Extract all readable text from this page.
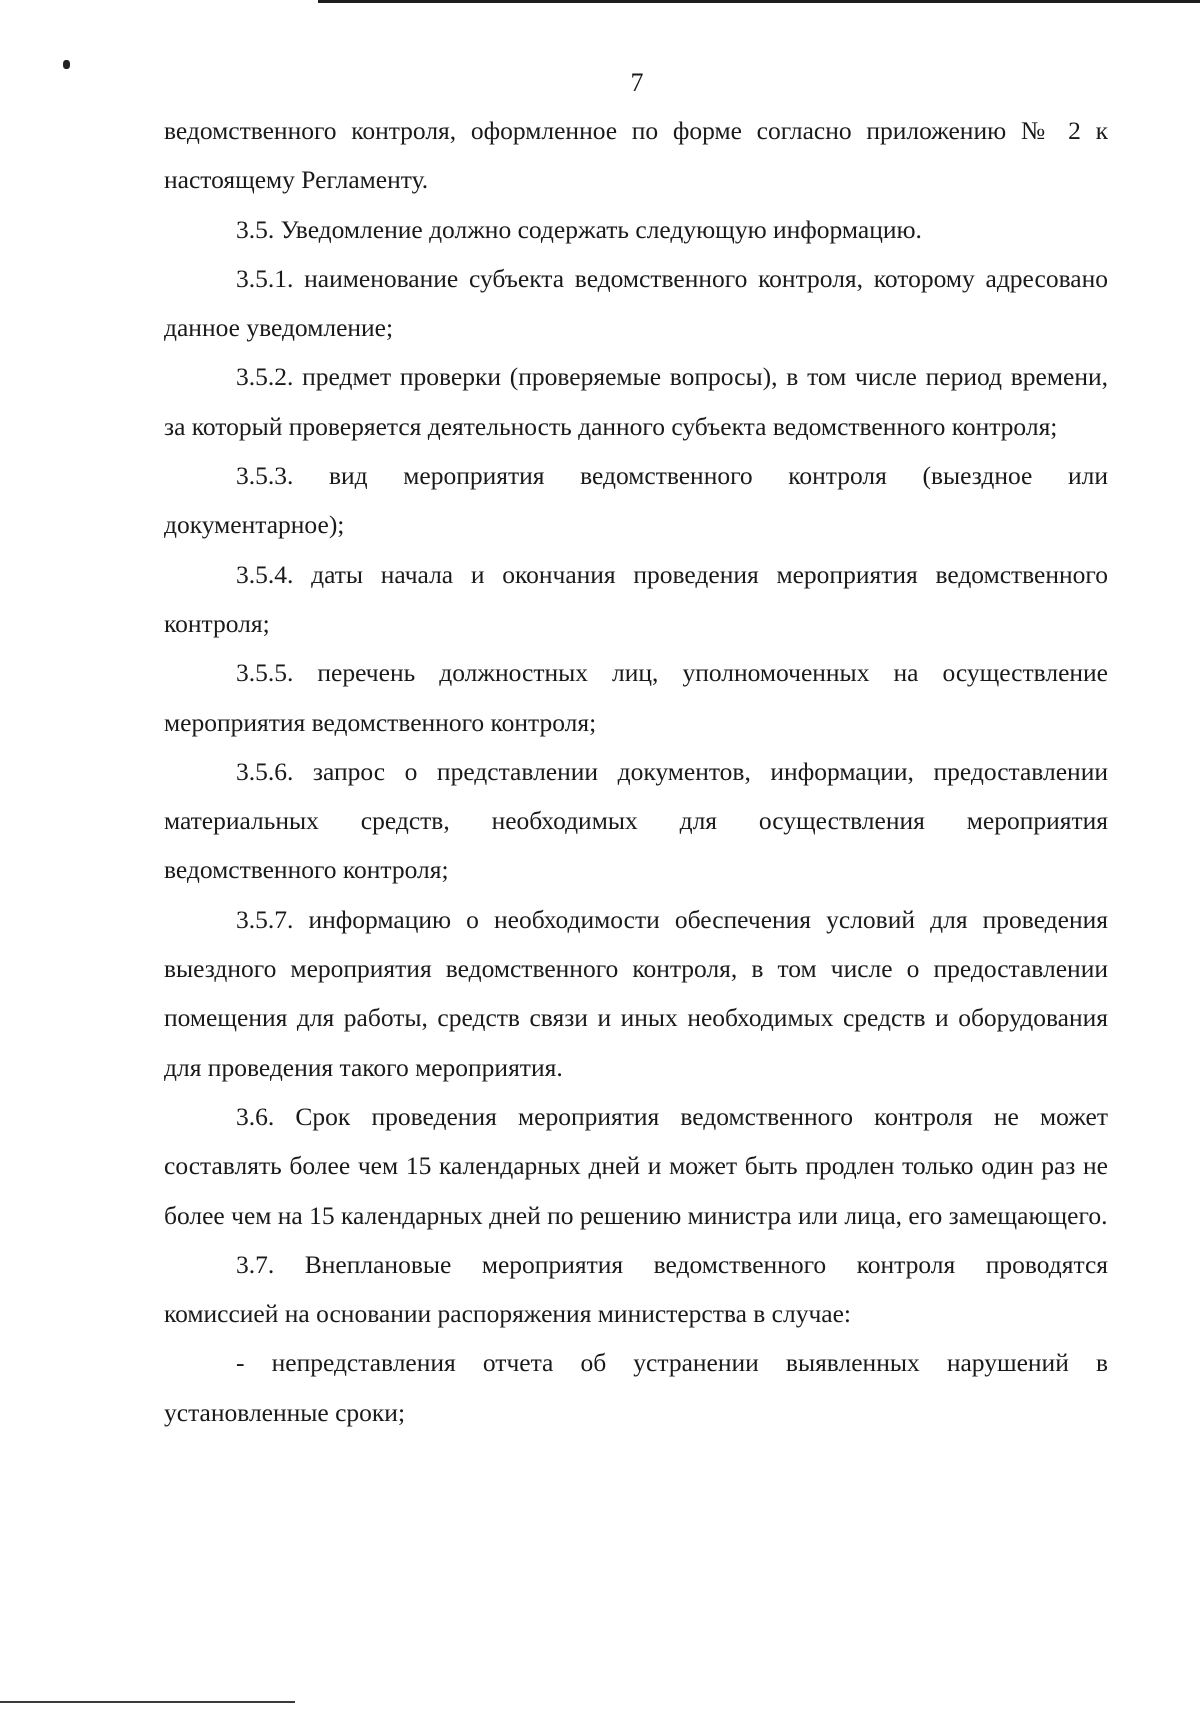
7

ведомственного контроля, оформленное по форме согласно приложению № 2 к настоящему Регламенту.

3.5. Уведомление должно содержать следующую информацию.

3.5.1. наименование субъекта ведомственного контроля, которому адресовано данное уведомление;

3.5.2. предмет проверки (проверяемые вопросы), в том числе период времени, за который проверяется деятельность данного субъекта ведомственного контроля;

3.5.3. вид мероприятия ведомственного контроля (выездное или документарное);

3.5.4. даты начала и окончания проведения мероприятия ведомственного контроля;

3.5.5. перечень должностных лиц, уполномоченных на осуществление мероприятия ведомственного контроля;

3.5.6. запрос о представлении документов, информации, предоставлении материальных средств, необходимых для осуществления мероприятия ведомственного контроля;

3.5.7. информацию о необходимости обеспечения условий для проведения выездного мероприятия ведомственного контроля, в том числе о предоставлении помещения для работы, средств связи и иных необходимых средств и оборудования для проведения такого мероприятия.

3.6. Срок проведения мероприятия ведомственного контроля не может составлять более чем 15 календарных дней и может быть продлен только один раз не более чем на 15 календарных дней по решению министра или лица, его замещающего.

3.7. Внеплановые мероприятия ведомственного контроля проводятся комиссией на основании распоряжения министерства в случае:

- непредставления отчета об устранении выявленных нарушений в установленные сроки;
